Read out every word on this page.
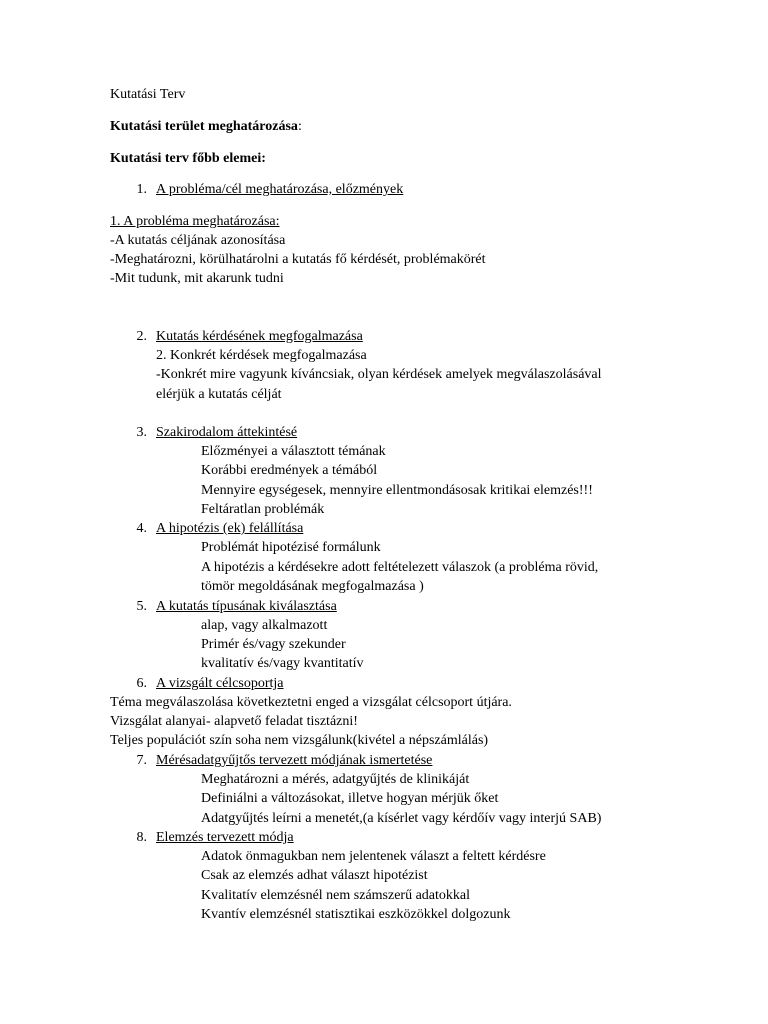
Kutatási Terv

Kutatási terület meghatározása:

Kutatási terv főbb elemei:

1. A probléma/cél meghatározása, előzmények

1. A probléma meghatározása:

-A kutatás céljának azonosítása

-Meghatározni, körülhatárolni a kutatás fő kérdését, problémakörét

-Mit tudunk, mit akarunk tudni

2. Kutatás kérdésének megfogalmazása

2. Konkrét kérdések megfogalmazása

-Konkrét mire vagyunk kíváncsiak, olyan kérdések amelyek megválaszolásával

elérjük a kutatás célját

3. Szakirodalom áttekintésé

Előzményei a választott témának

Korábbi eredmények a témából

Mennyire egységesek, mennyire ellentmondásosak kritikai elemzés!!!

Feltáratlan problémák

4. A hipotézis (ek) felállítása

Problémát hipotézisé formálunk

A hipotézis a kérdésekre adott feltételezett válaszok (a probléma rövid,

tömör megoldásának megfogalmazása )

5. A kutatás típusának kiválasztása

alap, vagy alkalmazott

Primér és/vagy szekunder

kvalitatív és/vagy kvantitatív

6. A vizsgált célcsoportja

Téma megválaszolása következtetni enged a vizsgálat célcsoport útjára.

Vizsgálat alanyai- alapvető feladat tisztázni!

Teljes populációt szín soha nem vizsgálunk(kivétel a népszámlálás)

7. Mérésadatgyűjtős tervezett módjának ismertetése

Meghatározni a mérés, adatgyűjtés de klinikáját

Definiálni a változásokat, illetve hogyan mérjük őket

Adatgyűjtés leírni a menetét,(a kísérlet vagy kérdőív vagy interjú SAB)

8. Elemzés tervezett módja

Adatok önmagukban nem jelentenek választ a feltett kérdésre

Csak az elemzés adhat választ hipotézist

Kvalitatív elemzésnél nem számszerű adatokkal

Kvantív elemzésnél statisztikai eszközökkel dolgozunk
